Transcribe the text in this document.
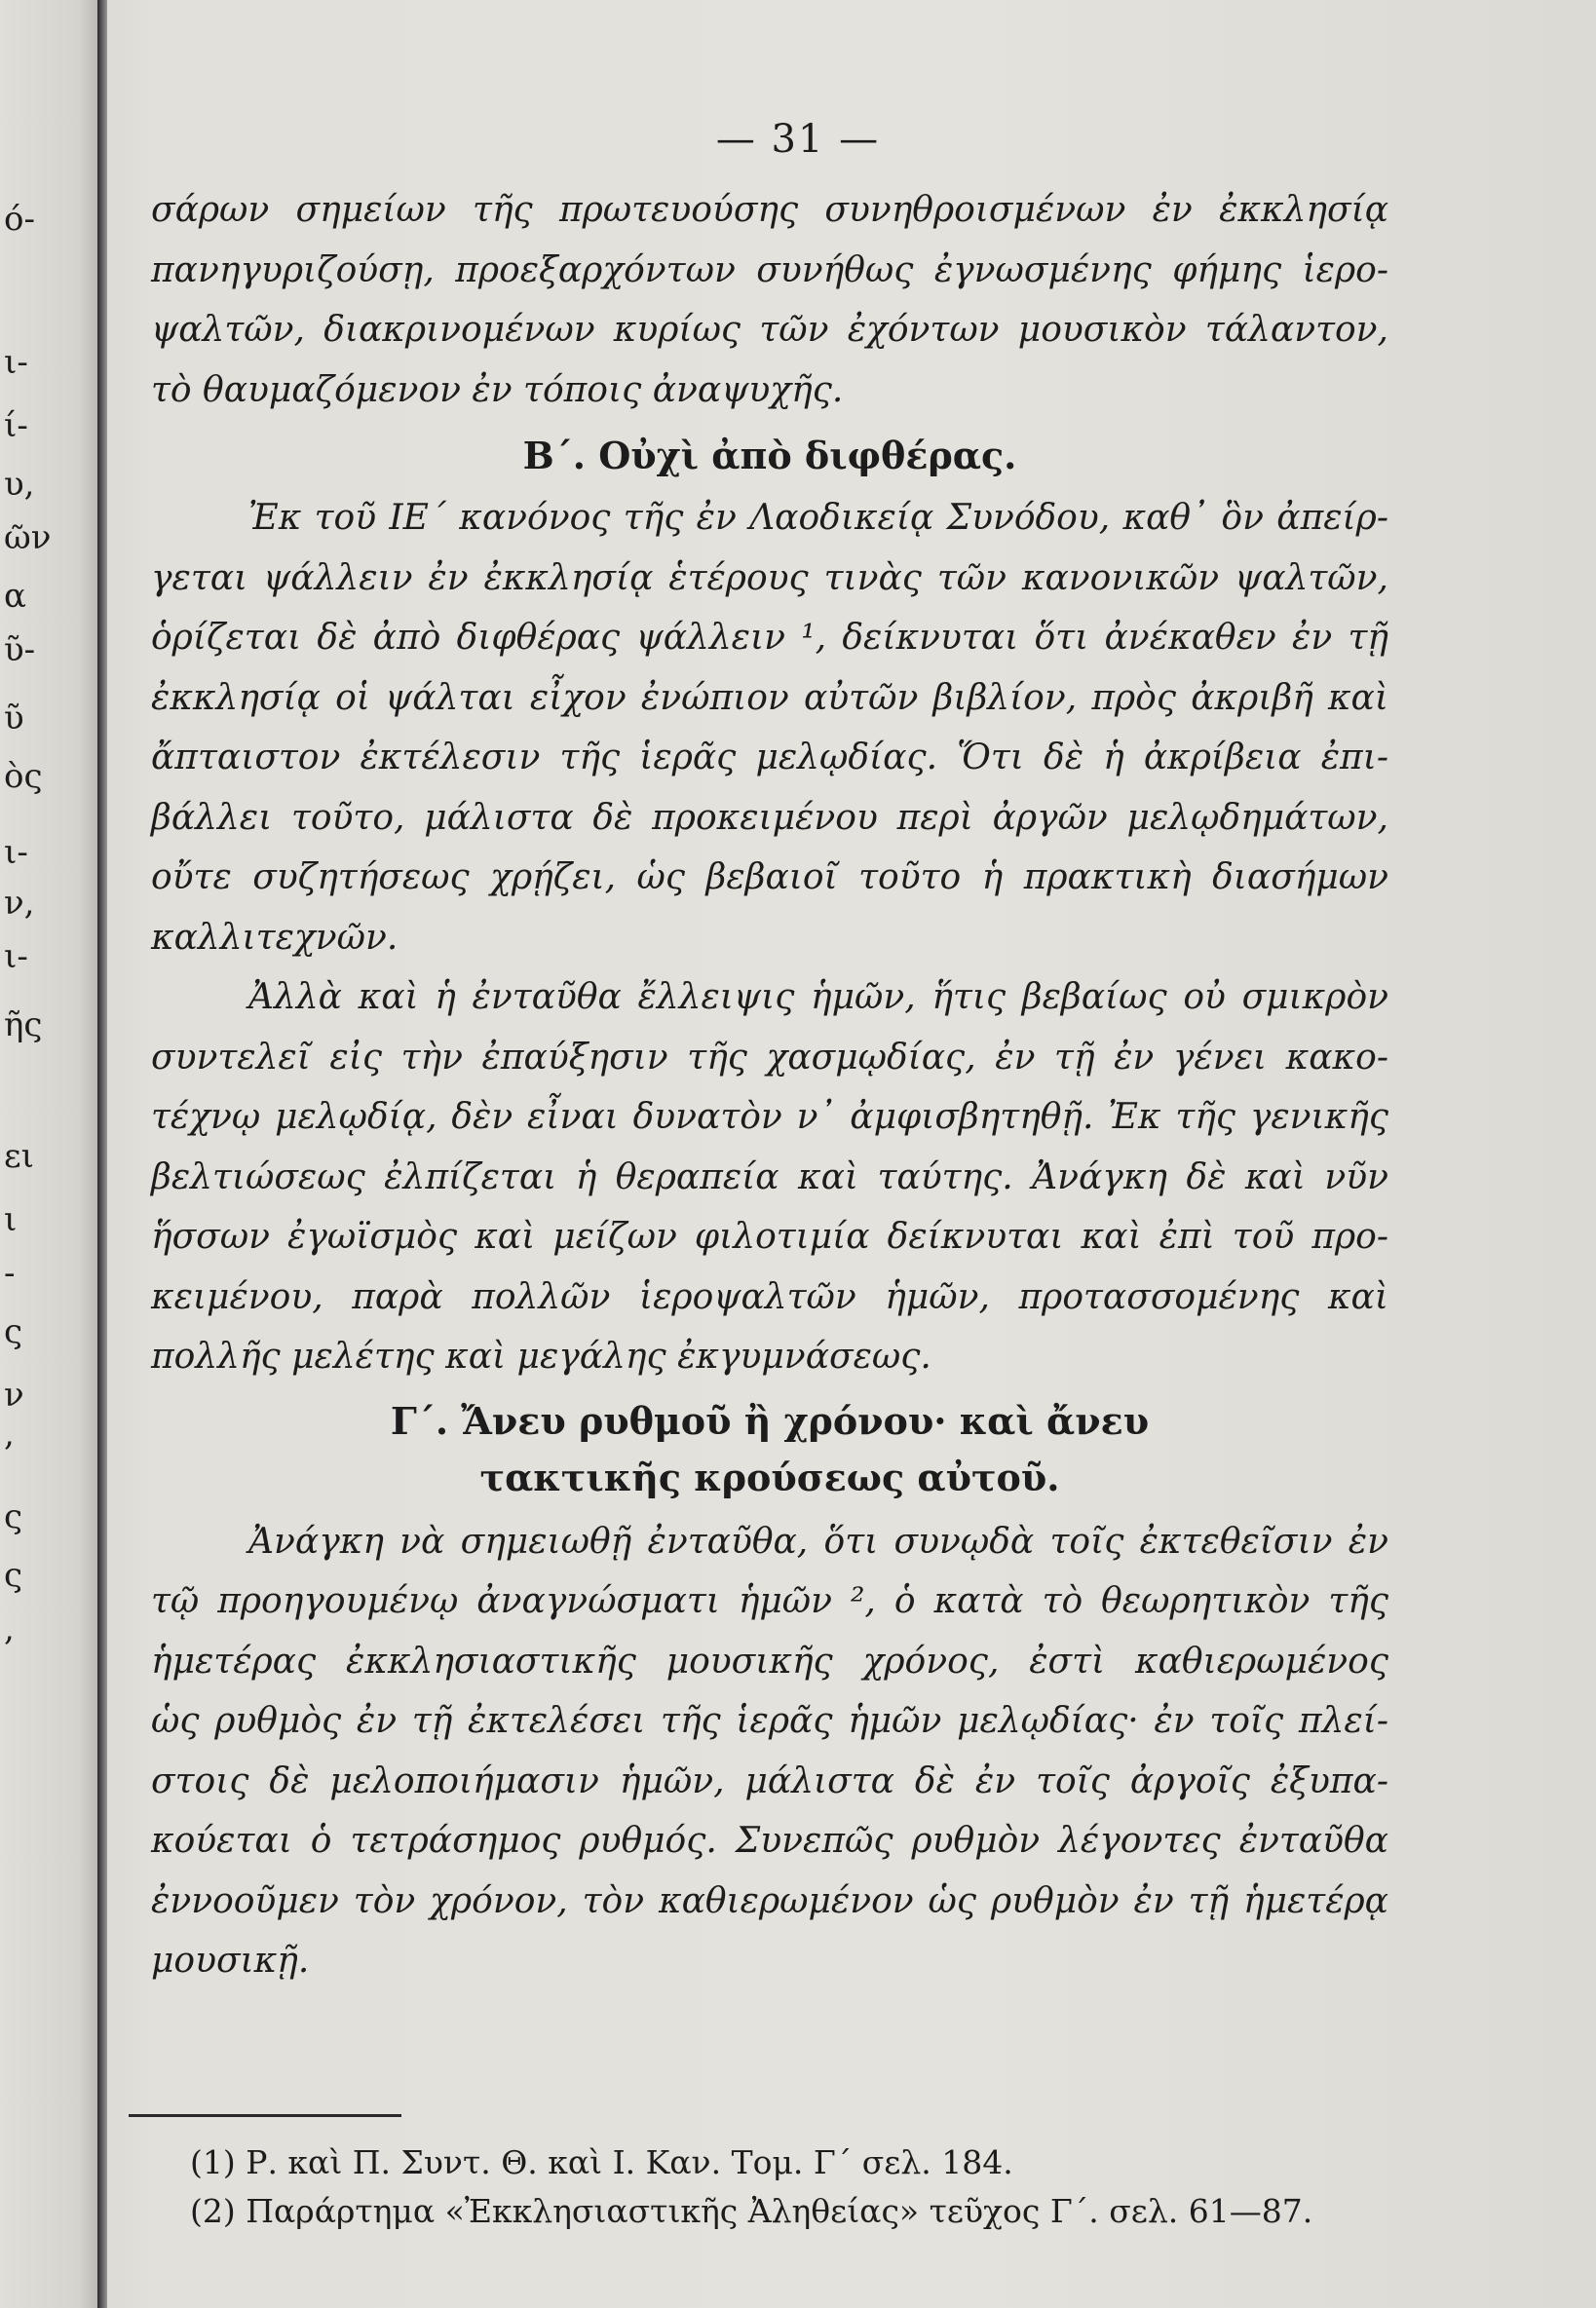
ό-
ι-
ί-
υ,
ῶν
α
ῦ-
ῦ
ὸς
ι-
ν,
ι-
ῆς
ει
ι
-
ς
ν
,
ς
ς
,
— 31 —
σάρων σημείων τῆς πρωτευούσης συνηθροισμένων ἐν ἐκκλησίᾳ
πανηγυριζούσῃ, προεξαρχόντων συνήθως ἐγνωσμένης φήμης ἱερο-
ψαλτῶν, διακρινομένων κυρίως τῶν ἐχόντων μουσικὸν τάλαντον,
τὸ θαυμαζόμενον ἐν τόποις ἀναψυχῆς.
Β΄. Οὐχὶ ἀπὸ διφθέρας.
Ἐκ τοῦ ΙΕ΄ κανόνος τῆς ἐν Λαοδικείᾳ Συνόδου, καθ᾽ ὃν ἀπείρ-
γεται ψάλλειν ἐν ἐκκλησίᾳ ἑτέρους τινὰς τῶν κανονικῶν ψαλτῶν,
ὁρίζεται δὲ ἀπὸ διφθέρας ψάλλειν ¹, δείκνυται ὅτι ἀνέκαθεν ἐν τῇ
ἐκκλησίᾳ οἱ ψάλται εἶχον ἐνώπιον αὐτῶν βιβλίον, πρὸς ἀκριβῆ καὶ
ἄπταιστον ἐκτέλεσιν τῆς ἱερᾶς μελῳδίας. Ὅτι δὲ ἡ ἀκρίβεια ἐπι-
βάλλει τοῦτο, μάλιστα δὲ προκειμένου περὶ ἀργῶν μελῳδημάτων,
οὔτε συζητήσεως χρῄζει, ὡς βεβαιοῖ τοῦτο ἡ πρακτικὴ διασήμων
καλλιτεχνῶν.
Ἀλλὰ καὶ ἡ ἐνταῦθα ἔλλειψις ἡμῶν, ἥτις βεβαίως οὐ σμικρὸν
συντελεῖ εἰς τὴν ἐπαύξησιν τῆς χασμῳδίας, ἐν τῇ ἐν γένει κακο-
τέχνῳ μελῳδίᾳ, δὲν εἶναι δυνατὸν ν᾽ ἀμφισβητηθῇ. Ἐκ τῆς γενικῆς
βελτιώσεως ἐλπίζεται ἡ θεραπεία καὶ ταύτης. Ἀνάγκη δὲ καὶ νῦν
ἥσσων ἐγωϊσμὸς καὶ μείζων φιλοτιμία δείκνυται καὶ ἐπὶ τοῦ προ-
κειμένου, παρὰ πολλῶν ἱεροψαλτῶν ἡμῶν, προτασσομένης καὶ
πολλῆς μελέτης καὶ μεγάλης ἐκγυμνάσεως.
Γ΄. Ἄνευ ρυθμοῦ ἢ χρόνου· καὶ ἄνευ
τακτικῆς κρούσεως αὐτοῦ.
Ἀνάγκη νὰ σημειωθῇ ἐνταῦθα, ὅτι συνῳδὰ τοῖς ἐκτεθεῖσιν ἐν
τῷ προηγουμένῳ ἀναγνώσματι ἡμῶν ², ὁ κατὰ τὸ θεωρητικὸν τῆς
ἡμετέρας ἐκκλησιαστικῆς μουσικῆς χρόνος, ἐστὶ καθιερωμένος
ὡς ρυθμὸς ἐν τῇ ἐκτελέσει τῆς ἱερᾶς ἡμῶν μελῳδίας· ἐν τοῖς πλεί-
στοις δὲ μελοποιήμασιν ἡμῶν, μάλιστα δὲ ἐν τοῖς ἀργοῖς ἐξυπα-
κούεται ὁ τετράσημος ρυθμός. Συνεπῶς ρυθμὸν λέγοντες ἐνταῦθα
ἐννοοῦμεν τὸν χρόνον, τὸν καθιερωμένον ὡς ρυθμὸν ἐν τῇ ἡμετέρᾳ
μουσικῇ.
(1) Ρ. καὶ Π. Συντ. Θ. καὶ Ι. Καν. Τομ. Γ΄ σελ. 184.
(2) Παράρτημα «Ἐκκλησιαστικῆς Ἀληθείας» τεῦχος Γ΄. σελ. 61—87.
